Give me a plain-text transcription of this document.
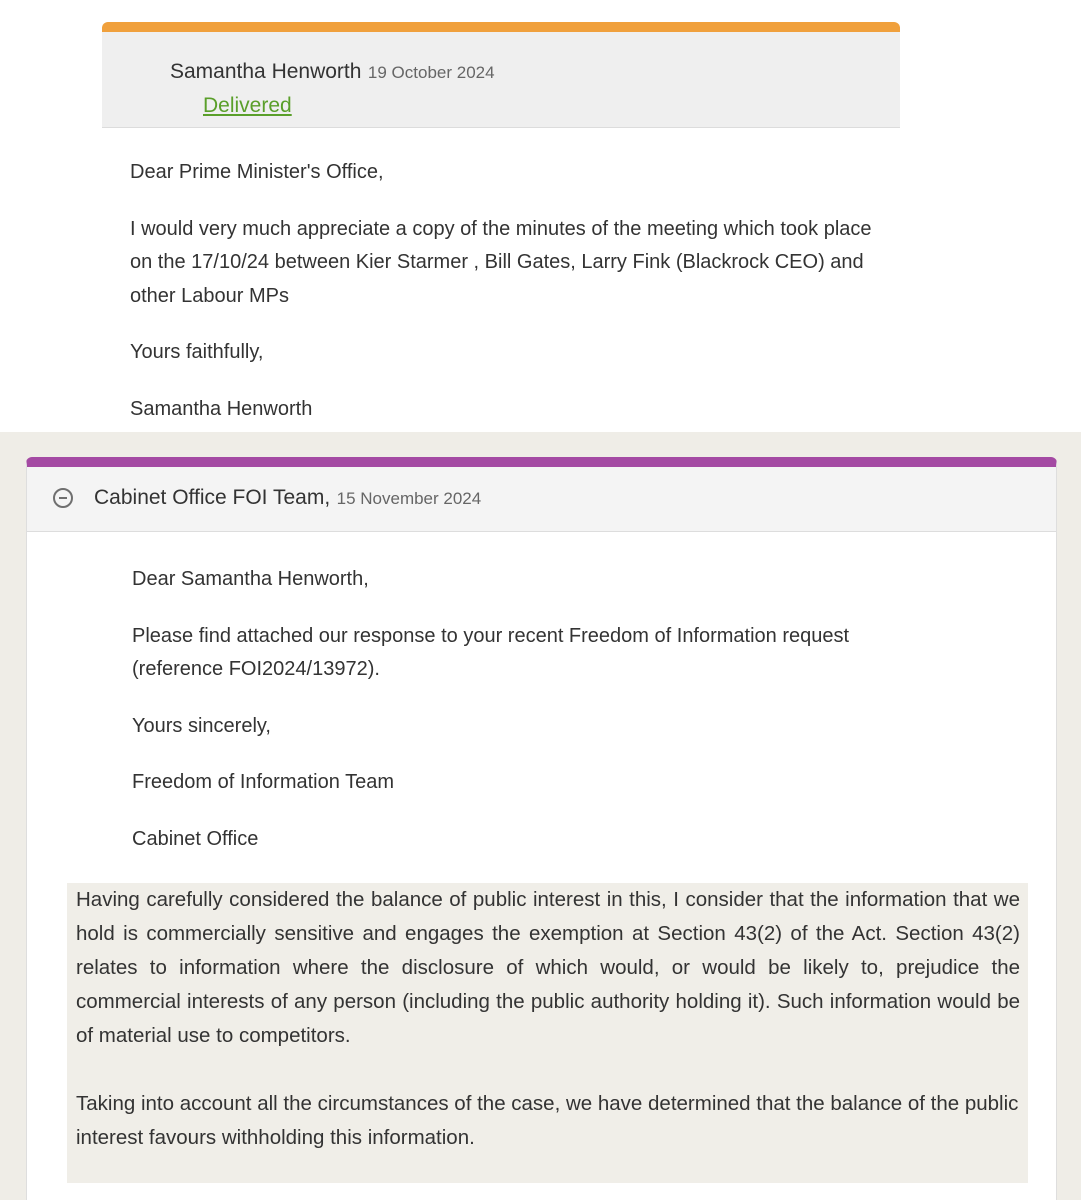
Samantha Henworth 19 October 2024
Delivered

Dear Prime Minister's Office,

I would very much appreciate a copy of the minutes of the meeting which took place on the 17/10/24 between Kier Starmer , Bill Gates, Larry Fink (Blackrock CEO) and other Labour MPs

Yours faithfully,

Samantha Henworth

Cabinet Office FOI Team, 15 November 2024

Dear Samantha Henworth,

Please find attached our response to your recent Freedom of Information request (reference FOI2024/13972).

Yours sincerely,

Freedom of Information Team

Cabinet Office

Having carefully considered the balance of public interest in this, I consider that the information that we hold is commercially sensitive and engages the exemption at Section 43(2) of the Act. Section 43(2) relates to information where the disclosure of which would, or would be likely to, prejudice the commercial interests of any person (including the public authority holding it). Such information would be of material use to competitors.

Taking into account all the circumstances of the case, we have determined that the balance of the public interest favours withholding this information.
